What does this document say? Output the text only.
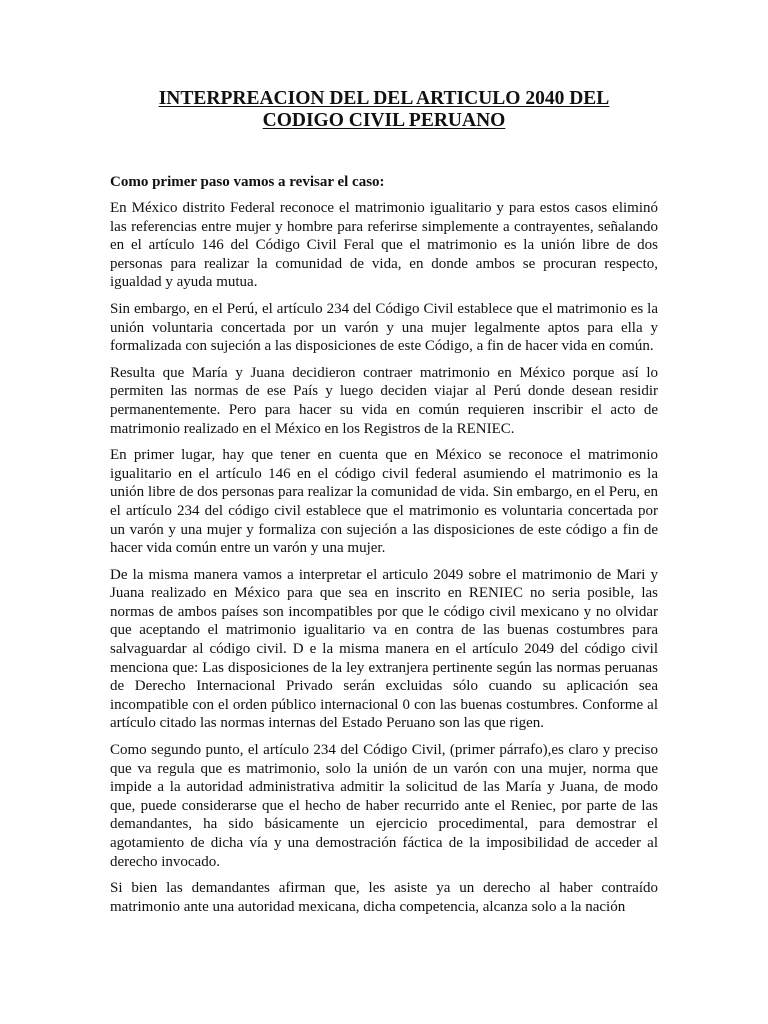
INTERPREACION DEL DEL ARTICULO 2040 DEL
CODIGO CIVIL PERUANO

Como primer paso vamos a revisar el caso:

En México distrito Federal reconoce el matrimonio igualitario y para estos casos eliminó las referencias entre mujer y hombre para referirse simplemente a contrayentes, señalando en el artículo 146 del Código Civil Feral que el matrimonio es la unión libre de dos personas para realizar la comunidad de vida, en donde ambos se procuran respecto, igualdad y ayuda mutua.

Sin embargo, en el Perú, el artículo 234 del Código Civil establece que el matrimonio es la unión voluntaria concertada por un varón y una mujer legalmente aptos para ella y formalizada con sujeción a las disposiciones de este Código, a fin de hacer vida en común.

Resulta que María y Juana decidieron contraer matrimonio en México porque así lo permiten las normas de ese País y luego deciden viajar al Perú donde desean residir permanentemente. Pero para hacer su vida en común requieren inscribir el acto de matrimonio realizado en el México en los Registros de la RENIEC.

En primer lugar, hay que tener en cuenta que en México se reconoce el matrimonio igualitario en el artículo 146 en el código civil federal asumiendo el matrimonio es la unión libre de dos personas para realizar la comunidad de vida. Sin embargo, en el Peru, en el artículo 234 del código civil establece que el matrimonio es voluntaria concertada por un varón y una mujer y formaliza con sujeción a las disposiciones de este código a fin de hacer vida común entre un varón y una mujer.

De la misma manera vamos a interpretar el articulo 2049 sobre el matrimonio de Mari y Juana realizado en México para que sea en inscrito en RENIEC no seria posible, las normas de ambos países son incompatibles por que le código civil mexicano y no olvidar que aceptando el matrimonio igualitario va en contra de las buenas costumbres para salvaguardar al código civil. D e la misma manera en el artículo 2049 del código civil menciona que: Las disposiciones de la ley extranjera pertinente según las normas peruanas de Derecho Internacional Privado serán excluidas sólo cuando su aplicación sea incompatible con el orden público internacional 0 con las buenas costumbres. Conforme al artículo citado las normas internas del Estado Peruano son las que rigen.

Como segundo punto, el artículo 234 del Código Civil, (primer párrafo),es claro y preciso que va regula que es matrimonio, solo la unión de un varón con una mujer, norma que impide a la autoridad administrativa admitir la solicitud de las María y Juana, de modo que, puede considerarse que el hecho de haber recurrido ante el Reniec, por parte de las demandantes, ha sido básicamente un ejercicio procedimental, para demostrar el agotamiento de dicha vía y una demostración fáctica de la imposibilidad de acceder al derecho invocado.

Si bien las demandantes afirman que, les asiste ya un derecho al haber contraído matrimonio ante una autoridad mexicana, dicha competencia, alcanza solo a la nación
